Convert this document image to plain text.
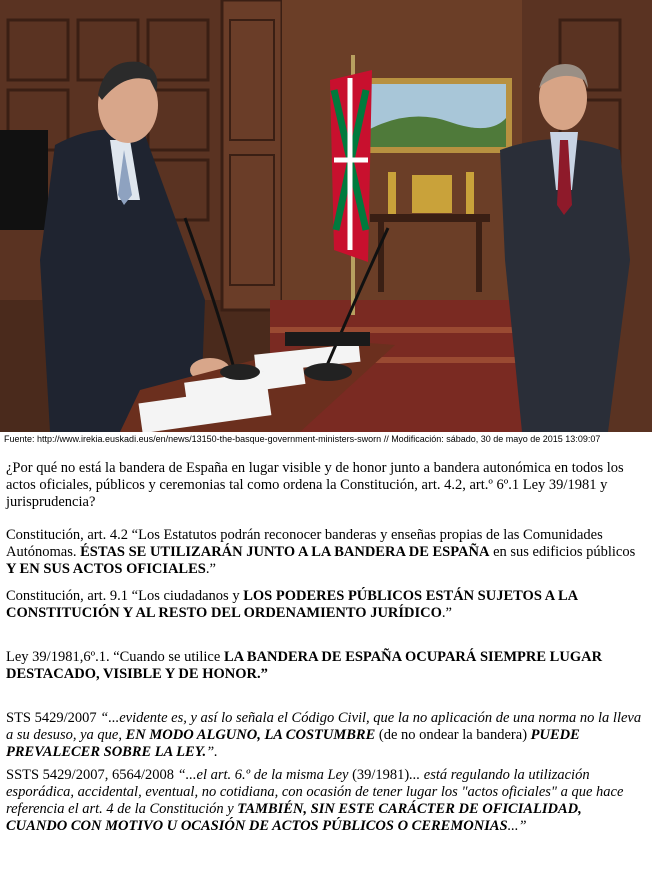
Fuente: http://www.irekia.euskadi.eus/en/news/13150-the-basque-government-ministers-sworn // Modificación: sábado, 30 de mayo de 2015 13:09:07
¿Por qué no está la bandera de España en lugar visible y de honor junto a bandera autonómica en todos los actos oficiales, públicos y ceremonias tal como ordena la Constitución, art. 4.2, art.º 6º.1 Ley 39/1981 y jurisprudencia?
Constitución, art. 4.2 “Los Estatutos podrán reconocer banderas y enseñas propias de las Comunidades Autónomas. ÉSTAS SE UTILIZARÁN JUNTO A LA BANDERA DE ESPAÑA en sus edificios públicos Y EN SUS ACTOS OFICIALES.”
Constitución, art. 9.1 “Los ciudadanos y LOS PODERES PÚBLICOS ESTÁN SUJETOS A LA CONSTITUCIÓN Y AL RESTO DEL ORDENAMIENTO JURÍDICO.”
Ley 39/1981,6º.1. “Cuando se utilice LA BANDERA DE ESPAÑA OCUPARÁ SIEMPRE LUGAR DESTACADO, VISIBLE Y DE HONOR.”
STS 5429/2007 “...evidente es, y así lo señala el Código Civil, que la no aplicación de una norma no la lleva a su desuso, ya que, EN MODO ALGUNO, LA COSTUMBRE (de no ondear la bandera) PUEDE PREVALECER SOBRE LA LEY.”.
SSTS 5429/2007, 6564/2008 “...el art. 6.º de la misma Ley (39/1981)... está regulando la utilización esporádica, accidental, eventual, no cotidiana, con ocasión de tener lugar los "actos oficiales" a que hace referencia el art. 4 de la Constitución y TAMBIÉN, SIN ESTE CARÁCTER DE OFICIALIDAD, CUANDO CON MOTIVO U OCASIÓN DE ACTOS PÚBLICOS O CEREMONIAS...”
